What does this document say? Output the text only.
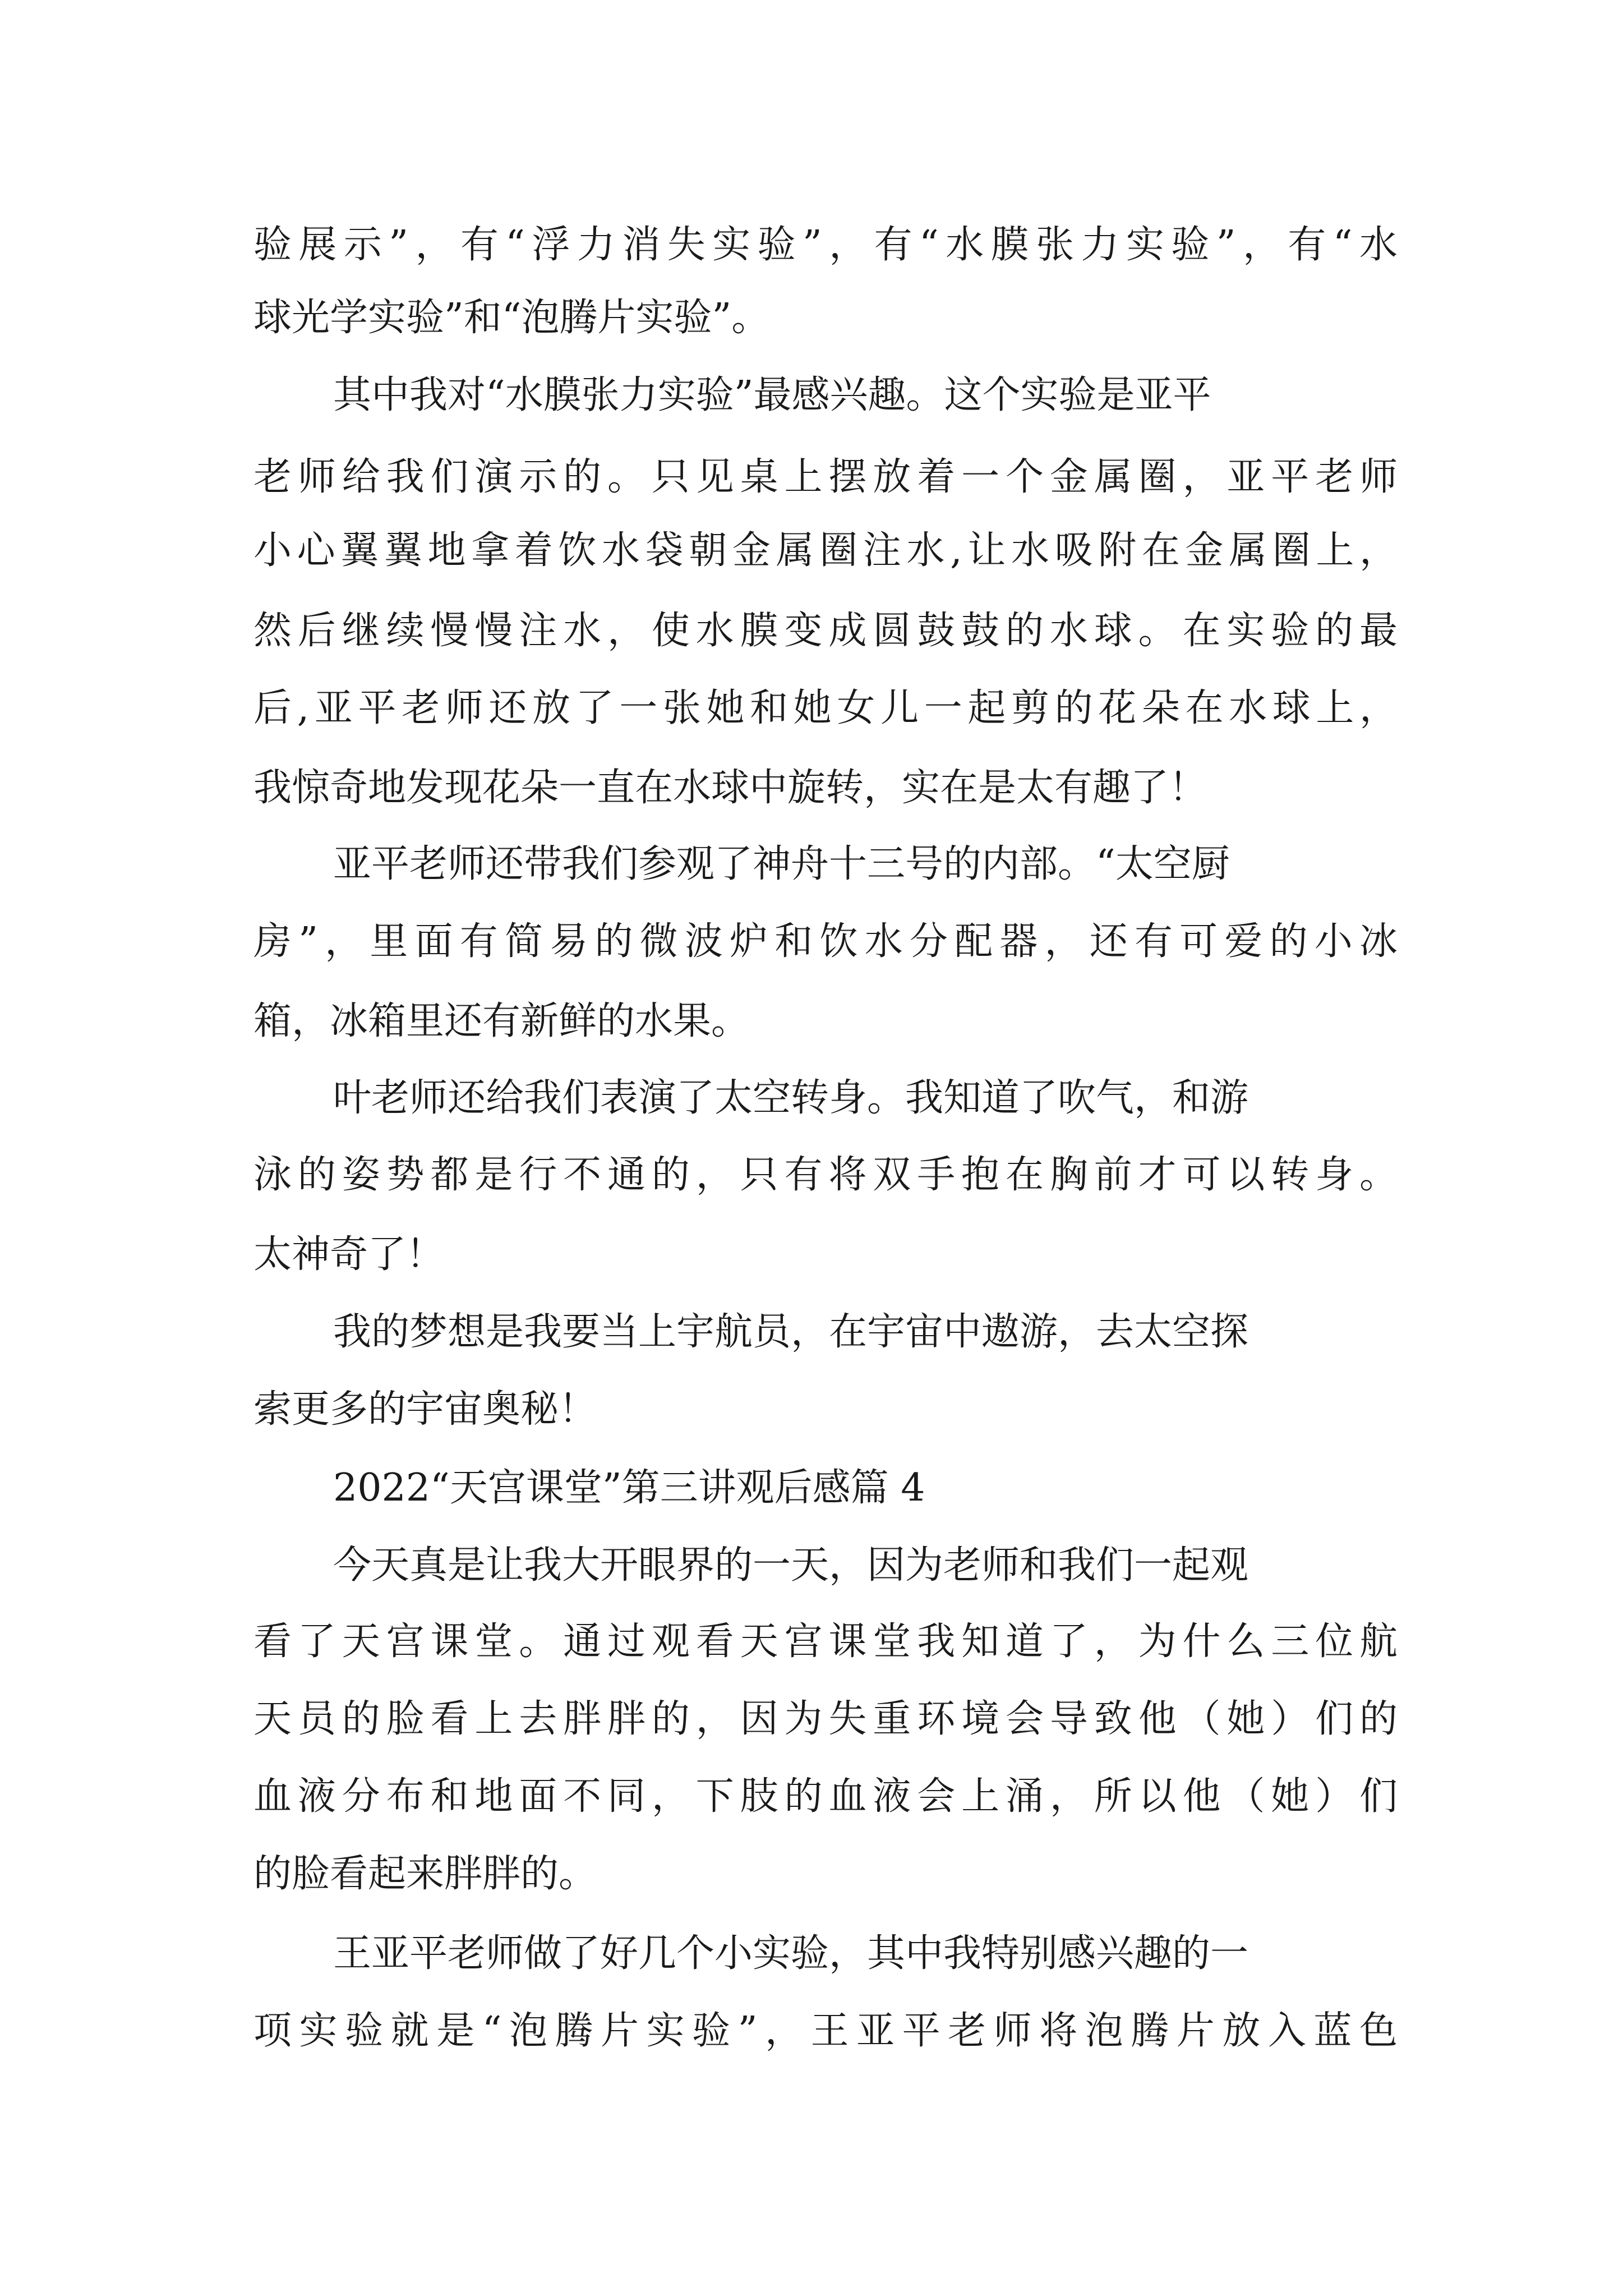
验展示”，有“浮力消失实验”，有“水膜张力实验”，有“水
球光学实验”和“泡腾片实验”。
其中我对“水膜张力实验”最感兴趣。这个实验是亚平
老师给我们演示的。只见桌上摆放着一个金属圈，亚平老师
小心翼翼地拿着饮水袋朝金属圈注水,让水吸附在金属圈上，
然后继续慢慢注水，使水膜变成圆鼓鼓的水球。在实验的最
后,亚平老师还放了一张她和她女儿一起剪的花朵在水球上，
我惊奇地发现花朵一直在水球中旋转，实在是太有趣了！
亚平老师还带我们参观了神舟十三号的内部。“太空厨
房”，里面有简易的微波炉和饮水分配器，还有可爱的小冰
箱，冰箱里还有新鲜的水果。
叶老师还给我们表演了太空转身。我知道了吹气，和游
泳的姿势都是行不通的，只有将双手抱在胸前才可以转身。
太神奇了！
我的梦想是我要当上宇航员，在宇宙中遨游，去太空探
索更多的宇宙奥秘！
2022“天宫课堂”第三讲观后感篇 4
今天真是让我大开眼界的一天，因为老师和我们一起观
看了天宫课堂。通过观看天宫课堂我知道了，为什么三位航
天员的脸看上去胖胖的，因为失重环境会导致他（她）们的
血液分布和地面不同，下肢的血液会上涌，所以他（她）们
的脸看起来胖胖的。
王亚平老师做了好几个小实验，其中我特别感兴趣的一
项实验就是“泡腾片实验”，王亚平老师将泡腾片放入蓝色
